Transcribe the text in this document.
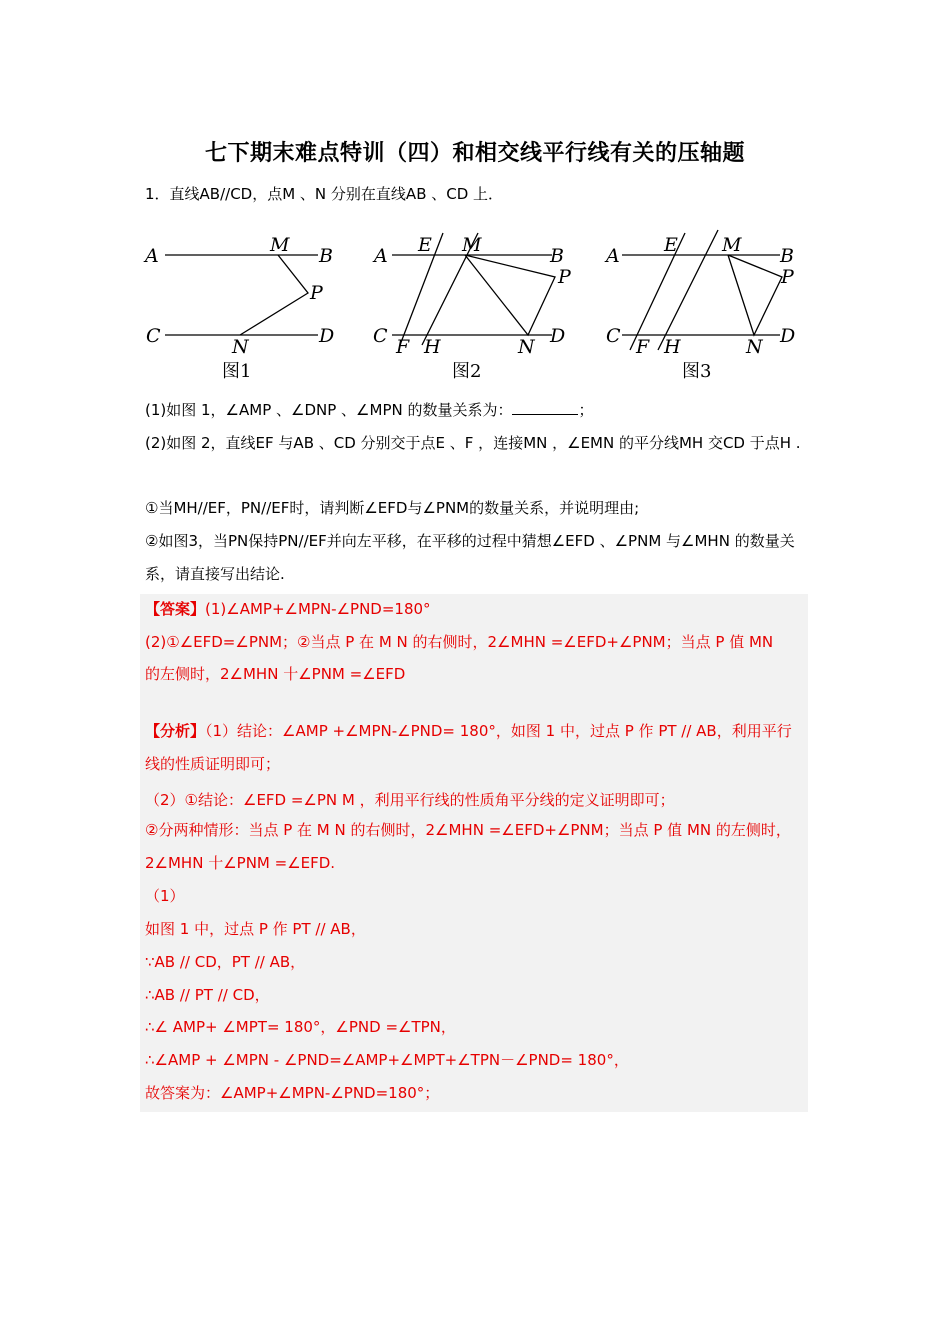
七下期末难点特训（四）和相交线平行线有关的压轴题
1．直线AB//CD，点M 、N 分别在直线AB 、CD 上．
A	B
C	D
M
N
P
图1
A	B
C	D
E M
N
P
F H
图2
A	B
C	D
E M
N
P
F H
图3
(1)如图 1，∠AMP 、∠DNP 、∠MPN 的数量关系为：	；
(2)如图 2，直线EF 与AB 、CD 分别交于点E 、F ，连接MN ，∠EMN 的平分线MH 交CD 于点H .
①当MH//EF，PN//EF时，请判断∠EFD与∠PNM的数量关系，并说明理由;
②如图3，当PN保持PN//EF并向左平移，在平移的过程中猜想∠EFD 、∠PNM 与∠MHN 的数量关系，请直接写出结论.
【答案】(1)∠AMP+∠MPN-∠PND=180°
(2)①∠EFD=∠PNM；②当点 P 在 M N 的右侧时，2∠MHN =∠EFD+∠PNM；当点 P 值 MN
的左侧时，2∠MHN 十∠PNM =∠EFD
【分析】（1）结论：∠AMP +∠MPN-∠PND= 180°，如图 1 中，过点 P 作 PT // AB，利用平行线的性质证明即可；
（2）①结论：∠EFD =∠PN M ，利用平行线的性质角平分线的定义证明即可；
②分两种情形：当点 P 在 M N 的右侧时，2∠MHN =∠EFD+∠PNM；当点 P 值 MN 的左侧时，2∠MHN 十∠PNM =∠EFD.
（1）
如图 1 中，过点 P 作 PT // AB，
∵AB // CD，PT // AB，
∴AB // PT // CD，
∴∠ AMP+ ∠MPT= 180°，∠PND =∠TPN，
∴∠AMP + ∠MPN - ∠PND=∠AMP+∠MPT+∠TPN－∠PND= 180°，
故答案为：∠AMP+∠MPN-∠PND=180°；
